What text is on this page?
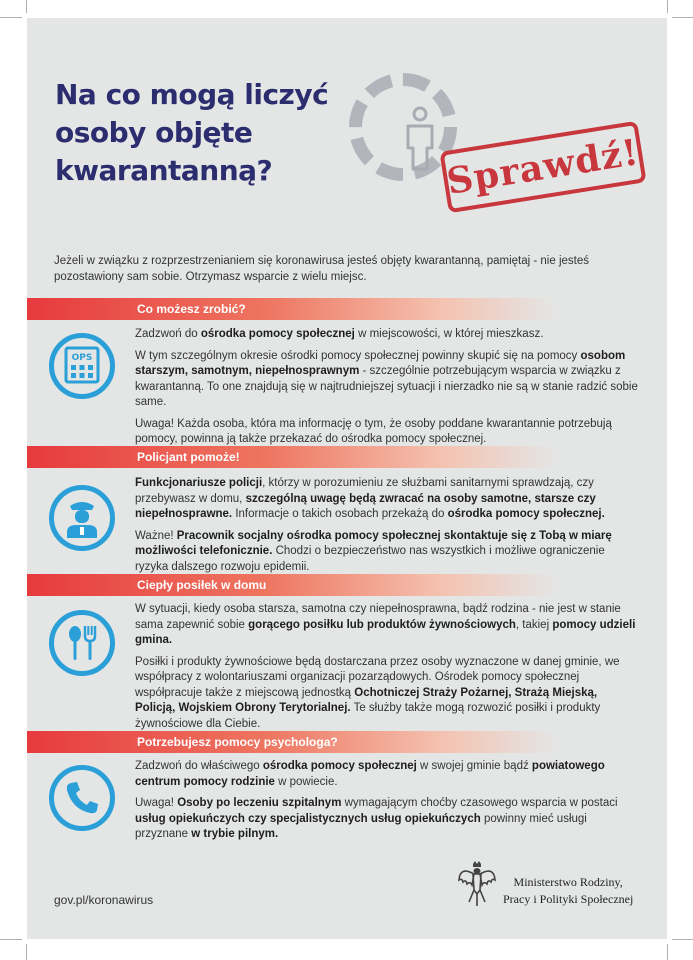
Na co mogą liczyć
osoby objęte
kwarantanną?	Sprawdź!

Jeżeli w związku z rozprzestrzenianiem się koronawirusa jesteś objęty kwarantanną, pamiętaj - nie jesteś pozostawiony sam sobie. Otrzymasz wsparcie z wielu miejsc.

Co możesz zrobić?
OPS

Zadzwoń do ośrodka pomocy społecznej w miejscowości, w której mieszkasz.

W tym szczególnym okresie ośrodki pomocy społecznej powinny skupić się na pomocy osobom starszym, samotnym, niepełnosprawnym - szczególnie potrzebującym wsparcia w związku z kwarantanną. To one znajdują się w najtrudniejszej sytuacji i nierzadko nie są w stanie radzić sobie same.

Uwaga! Każda osoba, która ma informację o tym, że osoby poddane kwarantannie potrzebują pomocy, powinna ją także przekazać do ośrodka pomocy społecznej.

Policjant pomoże!

Funkcjonariusze policji, którzy w porozumieniu ze służbami sanitarnymi sprawdzają, czy przebywasz w domu, szczególną uwagę będą zwracać na osoby samotne, starsze czy niepełnosprawne. Informacje o takich osobach przekażą do ośrodka pomocy społecznej.

Ważne! Pracownik socjalny ośrodka pomocy społecznej skontaktuje się z Tobą w miarę możliwości telefonicznie. Chodzi o bezpieczeństwo nas wszystkich i możliwe ograniczenie ryzyka dalszego rozwoju epidemii.

Ciepły posiłek w domu

W sytuacji, kiedy osoba starsza, samotna czy niepełnosprawna, bądź rodzina - nie jest w stanie sama zapewnić sobie gorącego posiłku lub produktów żywnościowych, takiej pomocy udzieli gmina.

Posiłki i produkty żywnościowe będą dostarczana przez osoby wyznaczone w danej gminie, we współpracy z wolontariuszami organizacji pozarządowych. Ośrodek pomocy społecznej współpracuje także z miejscową jednostką Ochotniczej Straży Pożarnej, Strażą Miejską, Policją, Wojskiem Obrony Terytorialnej. Te służby także mogą rozwozić posiłki i produkty żywnościowe dla Ciebie.

Potrzebujesz pomocy psychologa?

Zadzwoń do właściwego ośrodka pomocy społecznej w swojej gminie bądź powiatowego centrum pomocy rodzinie w powiecie.

Uwaga! Osoby po leczeniu szpitalnym wymagającym choćby czasowego wsparcia w postaci usług opiekuńczych czy specjalistycznych usług opiekuńczych powinny mieć usługi przyznane w trybie pilnym.

gov.pl/koronawirus

Ministerstwo Rodziny,
Pracy i Polityki Społecznej
